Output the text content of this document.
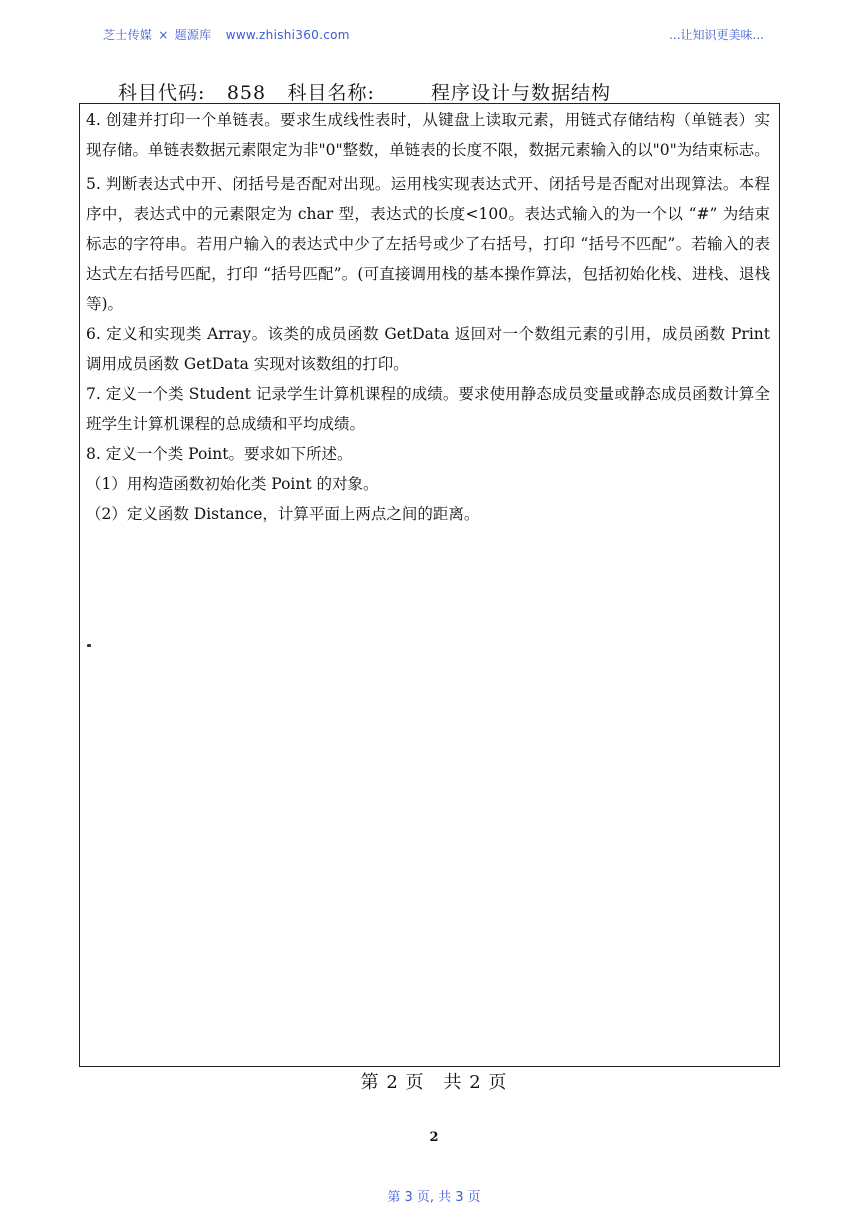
芝士传媒 × 题源库 www.zhishi360.com	...让知识更美味...
科目代码: 858 科目名称:	程序设计与数据结构

4. 创建并打印一个单链表。要求生成线性表时，从键盘上读取元素，用链式存储结构（单链表）实现存储。单链表数据元素限定为非"0"整数，单链表的长度不限，数据元素输入的以"0"为结束标志。

5. 判断表达式中开、闭括号是否配对出现。运用栈实现表达式开、闭括号是否配对出现算法。本程序中，表达式中的元素限定为 char 型，表达式的长度<100。表达式输入的为一个以 “#” 为结束标志的字符串。若用户输入的表达式中少了左括号或少了右括号，打印 “括号不匹配”。若输入的表达式左右括号匹配，打印 “括号匹配”。(可直接调用栈的基本操作算法，包括初始化栈、进栈、退栈等)。

6. 定义和实现类 Array。该类的成员函数 GetData 返回对一个数组元素的引用，成员函数 Print 调用成员函数 GetData 实现对该数组的打印。

7. 定义一个类 Student 记录学生计算机课程的成绩。要求使用静态成员变量或静态成员函数计算全班学生计算机课程的总成绩和平均成绩。

8. 定义一个类 Point。要求如下所述。

（1）用构造函数初始化类 Point 的对象。

（2）定义函数 Distance，计算平面上两点之间的距离。

第 2 页　共 2 页
2
第 3 页, 共 3 页
